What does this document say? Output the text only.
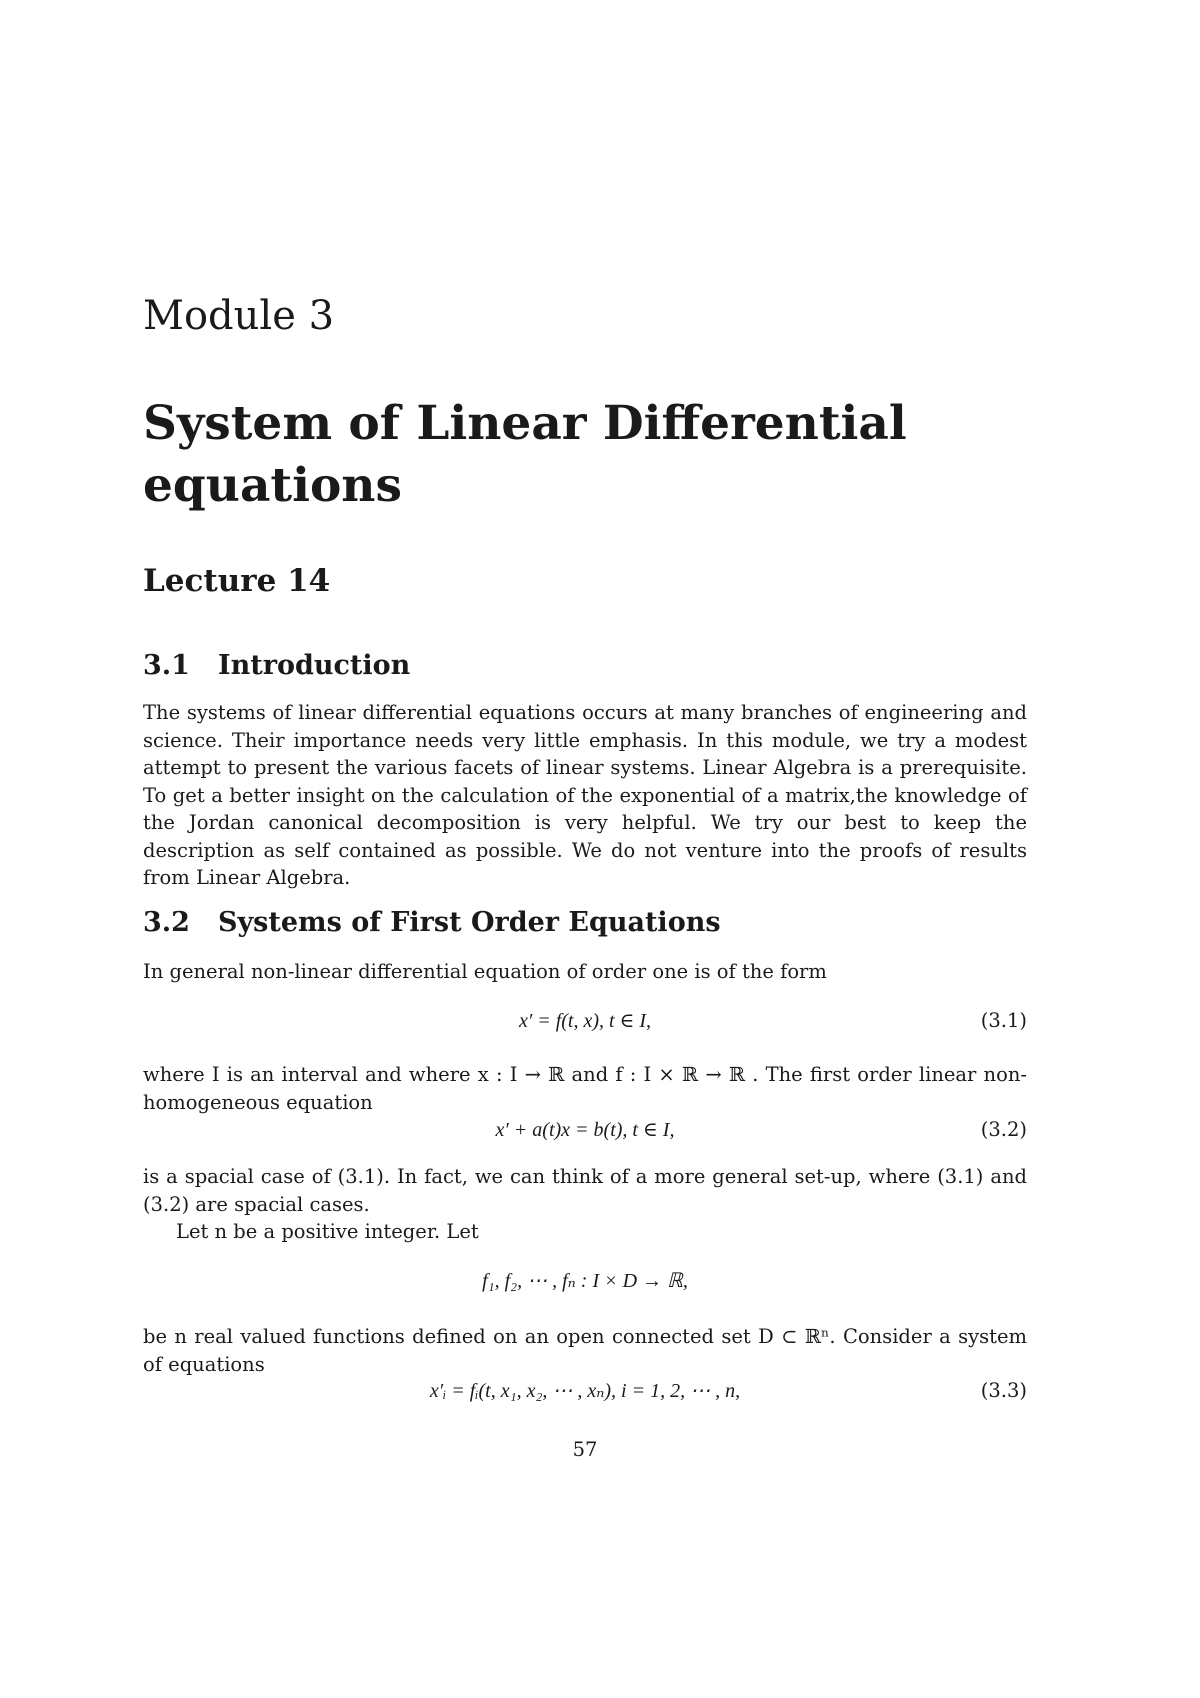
Module 3
System of Linear Differential equations
Lecture 14
3.1 Introduction

The systems of linear differential equations occurs at many branches of engineering and science. Their importance needs very little emphasis. In this module, we try a modest attempt to present the various facets of linear systems. Linear Algebra is a prerequisite. To get a better insight on the calculation of the exponential of a matrix,the knowledge of the Jordan canonical decomposition is very helpful. We try our best to keep the description as self contained as possible. We do not venture into the proofs of results from Linear Algebra.

3.2 Systems of First Order Equations

In general non-linear differential equation of order one is of the form

x′ = f(t, x), t ∈ I,	(3.1)

where I is an interval and where x : I → ℝ and f : I × ℝ → ℝ . The first order linear non-homogeneous equation

x′ + a(t)x = b(t), t ∈ I,	(3.2)

is a spacial case of (3.1). In fact, we can think of a more general set-up, where (3.1) and (3.2) are spacial cases.

Let n be a positive integer. Let

f₁, f₂, ⋯ , fₙ : I × D → ℝ,

be n real valued functions defined on an open connected set D ⊂ ℝⁿ. Consider a system of equations

x′ᵢ = fᵢ(t, x₁, x₂, ⋯ , xₙ), i = 1, 2, ⋯ , n,	(3.3)
57
